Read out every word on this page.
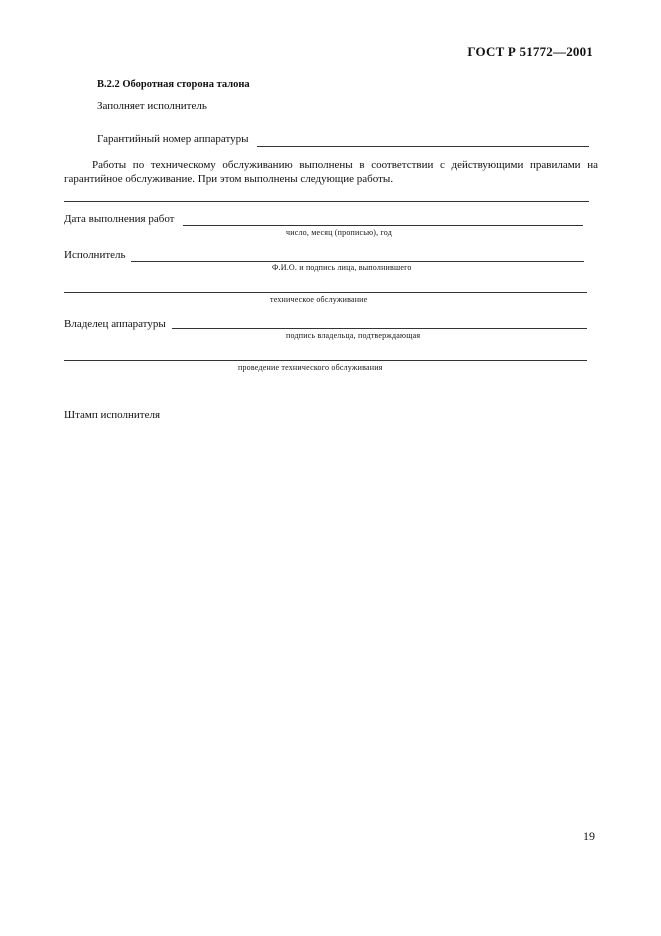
ГОСТ Р 51772—2001
В.2.2 Оборотная сторона талона
Заполняет исполнитель
Гарантийный номер аппаратуры
Работы по техническому обслуживанию выполнены в соответствии с действующими правилами на гарантийное обслуживание. При этом выполнены следующие работы.
Дата выполнения работ
число, месяц (прописью), год
Исполнитель
Ф.И.О. и подпись лица, выполнившего
техническое обслуживание
Владелец аппаратуры
подпись владельца, подтверждающая
проведение технического обслуживания
Штамп исполнителя
19
